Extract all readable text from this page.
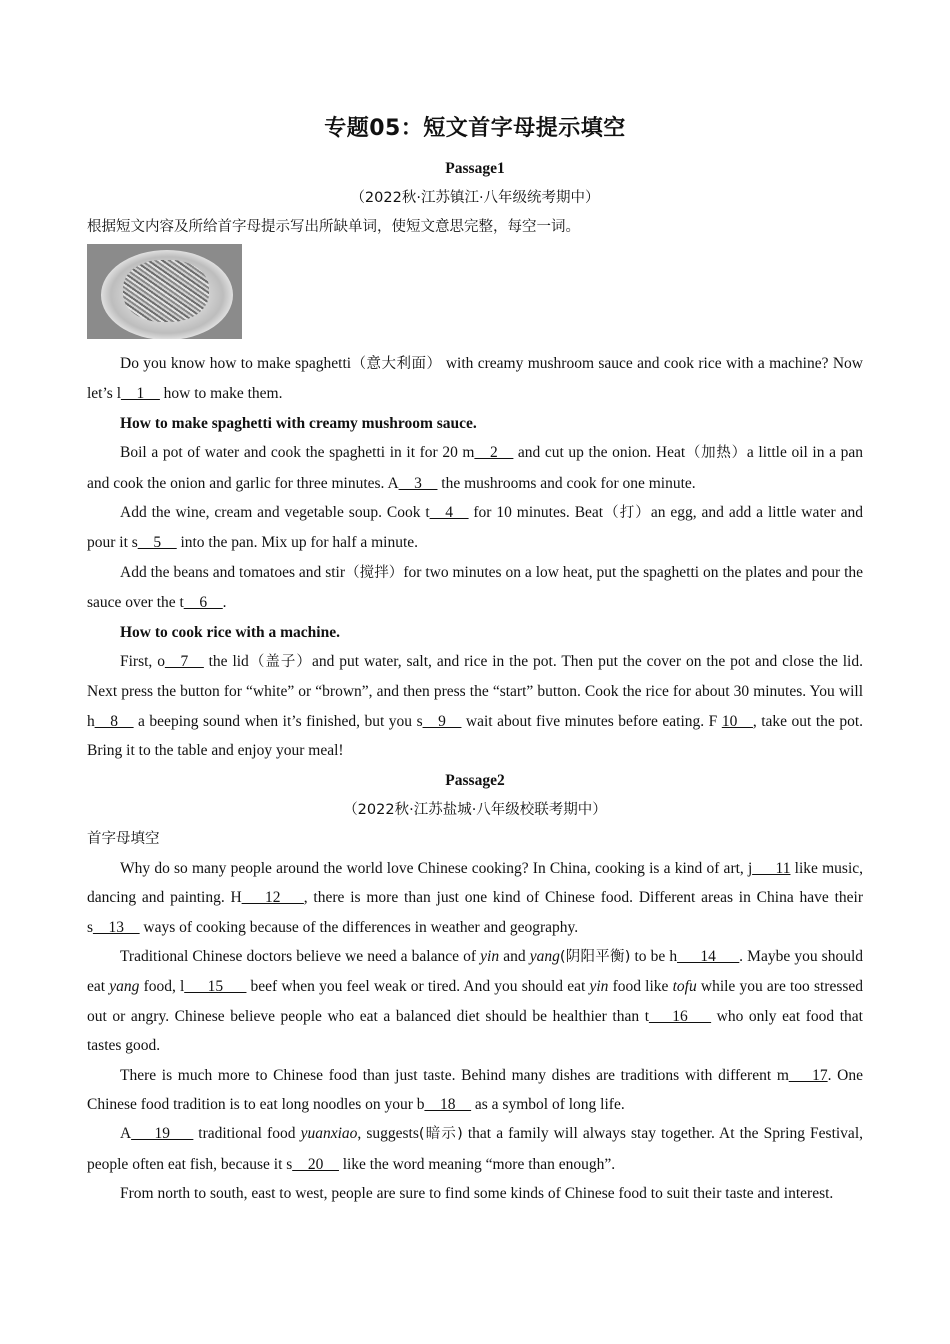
专题05：短文首字母提示填空
Passage1
（2022秋·江苏镇江·八年级统考期中）
根据短文内容及所给首字母提示写出所缺单词，使短文意思完整，每空一词。

Do you know how to make spaghetti（意大利面） with creamy mushroom sauce and cook rice with a machine? Now let’s l__1__ how to make them.

How to make spaghetti with creamy mushroom sauce.

Boil a pot of water and cook the spaghetti in it for 20 m__2__ and cut up the onion. Heat（加热）a little oil in a pan and cook the onion and garlic for three minutes. A__3__ the mushrooms and cook for one minute.

Add the wine, cream and vegetable soup. Cook t__4__ for 10 minutes. Beat（打）an egg, and add a little water and pour it s__5__ into the pan. Mix up for half a minute.

Add the beans and tomatoes and stir（搅拌）for two minutes on a low heat, put the spaghetti on the plates and pour the sauce over the t__6__.

How to cook rice with a machine.

First, o__7__ the lid（盖子）and put water, salt, and rice in the pot. Then put the cover on the pot and close the lid. Next press the button for “white” or “brown”, and then press the “start” button. Cook the rice for about 30 minutes. You will h__8__ a beeping sound when it’s finished, but you s__9__ wait about five minutes before eating. F 10__, take out the pot. Bring it to the table and enjoy your meal!

Passage2
（2022秋·江苏盐城·八年级校联考期中）
首字母填空

Why do so many people around the world love Chinese cooking? In China, cooking is a kind of art, j___11 like music, dancing and painting. H___12___, there is more than just one kind of Chinese food. Different areas in China have their s__13__ ways of cooking because of the differences in weather and geography.

Traditional Chinese doctors believe we need a balance of yin and yang(阴阳平衡) to be h___14___. Maybe you should eat yang food, l___15___ beef when you feel weak or tired. And you should eat yin food like tofu while you are too stressed out or angry. Chinese believe people who eat a balanced diet should be healthier than t___16___ who only eat food that tastes good.

There is much more to Chinese food than just taste. Behind many dishes are traditions with different m___17. One Chinese food tradition is to eat long noodles on your b__18__ as a symbol of long life.

A___19___ traditional food yuanxiao, suggests(暗示) that a family will always stay together. At the Spring Festival, people often eat fish, because it s__20__ like the word meaning “more than enough”.

From north to south, east to west, people are sure to find some kinds of Chinese food to suit their taste and interest.
